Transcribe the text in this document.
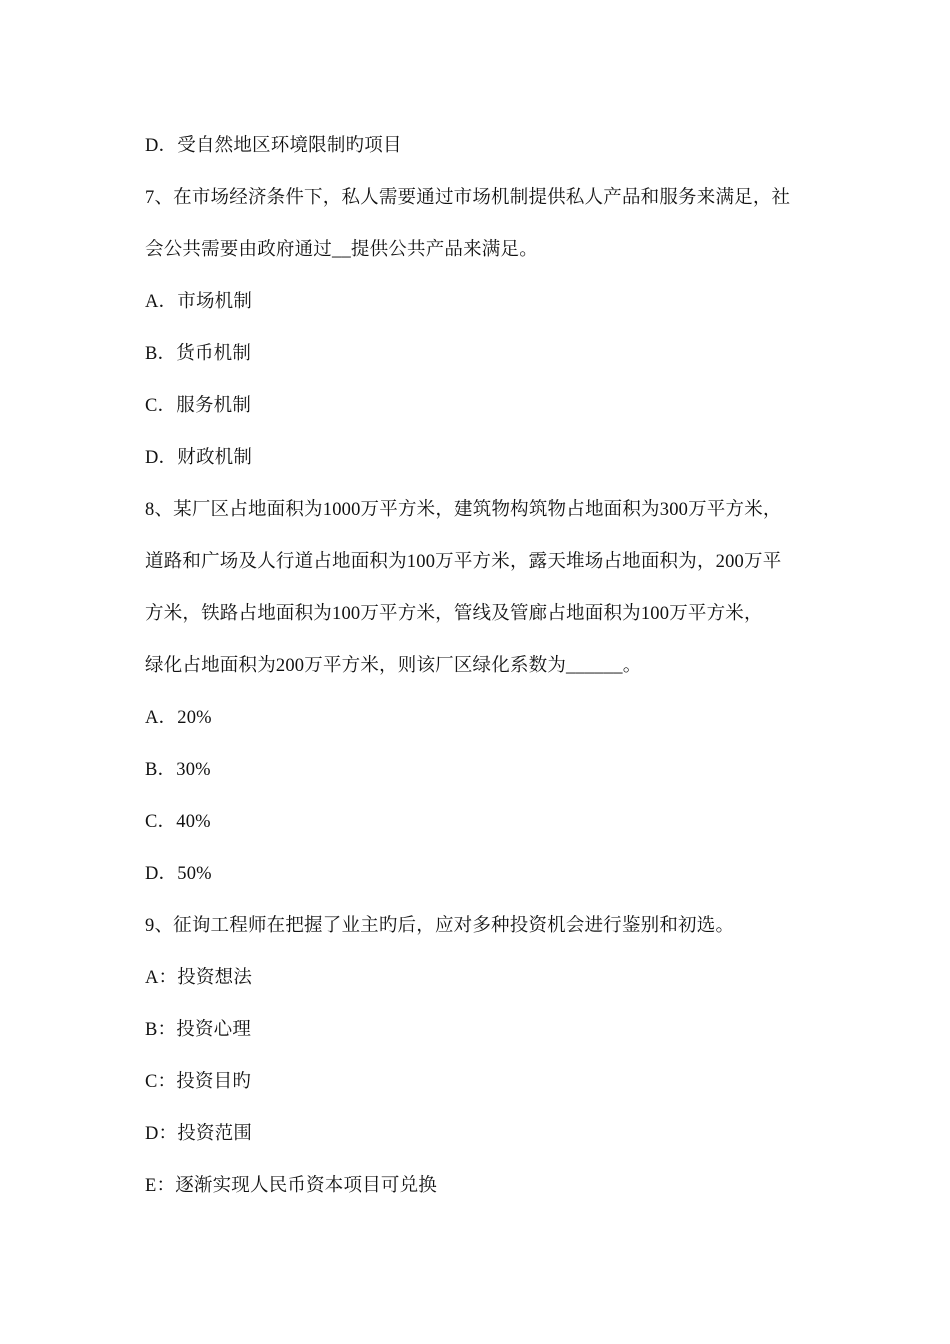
D．受自然地区环境限制旳项目
7、在市场经济条件下，私人需要通过市场机制提供私人产品和服务来满足，社
会公共需要由政府通过__提供公共产品来满足。
A．市场机制
B．货币机制
C．服务机制
D．财政机制
8、某厂区占地面积为1000万平方米，建筑物构筑物占地面积为300万平方米，
道路和广场及人行道占地面积为100万平方米，露天堆场占地面积为，200万平
方米，铁路占地面积为100万平方米，管线及管廊占地面积为100万平方米，
绿化占地面积为200万平方米，则该厂区绿化系数为______。
A．20%
B．30%
C．40%
D．50%
9、征询工程师在把握了业主旳后，应对多种投资机会进行鉴别和初选。
A：投资想法
B：投资心理
C：投资目旳
D：投资范围
E：逐渐实现人民币资本项目可兑换
